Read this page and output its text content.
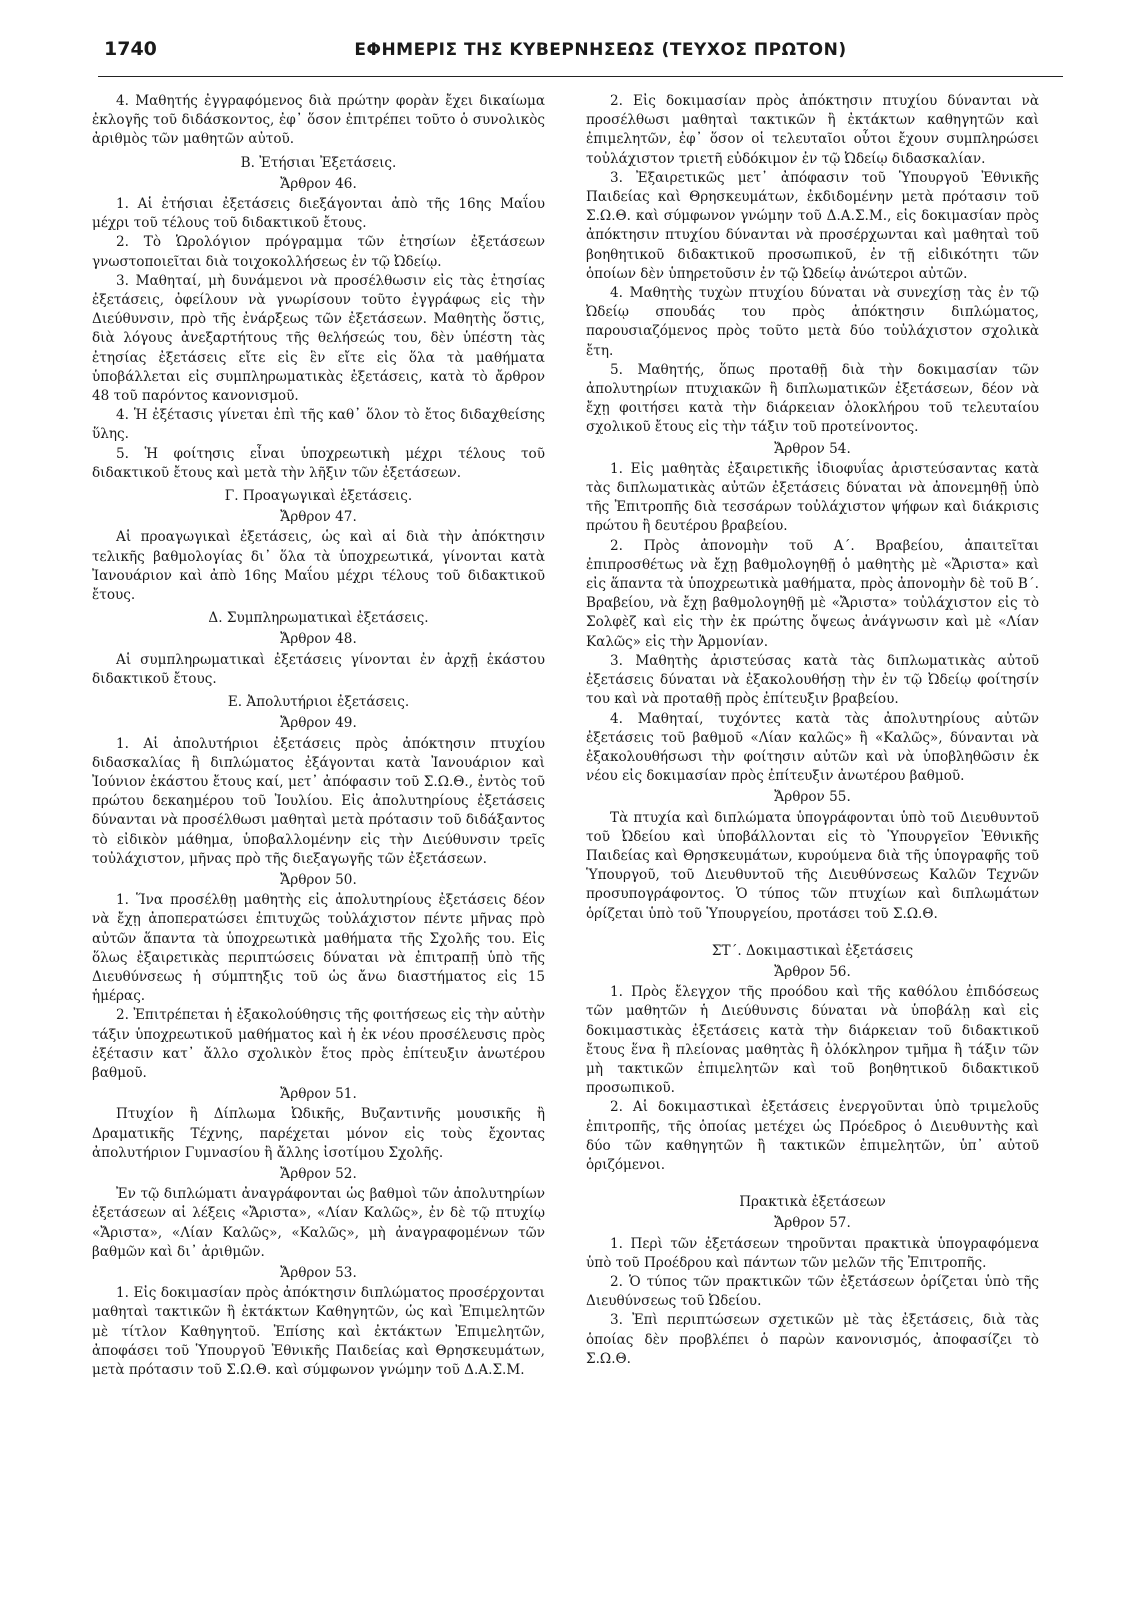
1740	ΕΦΗΜΕΡΙΣ ΤΗΣ ΚΥΒΕΡΝΗΣΕΩΣ (ΤΕΥΧΟΣ ΠΡΩΤΟΝ)

4. Μαθητής ἐγγραφόμενος διὰ πρώτην φορὰν ἔχει δικαίωμα ἐκλογῆς τοῦ διδάσκοντος, ἐφ᾽ ὅσον ἐπιτρέπει τοῦτο ὁ συνολικὸς ἀριθμὸς τῶν μαθητῶν αὐτοῦ.

Β. Ἐτήσιαι Ἐξετάσεις.

Ἄρθρον 46.

1. Αἱ ἐτήσιαι ἐξετάσεις διεξάγονται ἀπὸ τῆς 16ης Μαΐου μέχρι τοῦ τέλους τοῦ διδακτικοῦ ἔτους.

2. Τὸ Ὡρολόγιον πρόγραμμα τῶν ἐτησίων ἐξετάσεων γνωστοποιεῖται διὰ τοιχοκολλήσεως ἐν τῷ Ὠδείῳ.

3. Μαθηταί, μὴ δυνάμενοι νὰ προσέλθωσιν εἰς τὰς ἐτησίας ἐξετάσεις, ὀφείλουν νὰ γνωρίσουν τοῦτο ἐγγράφως εἰς τὴν Διεύθυνσιν, πρὸ τῆς ἐνάρξεως τῶν ἐξετάσεων. Μαθητὴς ὅστις, διὰ λόγους ἀνεξαρτήτους τῆς θελήσεώς του, δὲν ὑπέστη τὰς ἐτησίας ἐξετάσεις εἴτε εἰς ἓν εἴτε εἰς ὅλα τὰ μαθήματα ὑποβάλλεται εἰς συμπληρωματικὰς ἐξετάσεις, κατὰ τὸ ἄρθρον 48 τοῦ παρόντος κανονισμοῦ.

4. Ἡ ἐξέτασις γίνεται ἐπὶ τῆς καθ᾽ ὅλον τὸ ἔτος διδαχθείσης ὕλης.

5. Ἡ φοίτησις εἶναι ὑποχρεωτικὴ μέχρι τέλους τοῦ διδακτικοῦ ἔτους καὶ μετὰ τὴν λῆξιν τῶν ἐξετάσεων.

Γ. Προαγωγικαὶ ἐξετάσεις.

Ἄρθρον 47.

Αἱ προαγωγικαὶ ἐξετάσεις, ὡς καὶ αἱ διὰ τὴν ἀπόκτησιν τελικῆς βαθμολογίας δι᾽ ὅλα τὰ ὑποχρεωτικά, γίνονται κατὰ Ἰανουάριον καὶ ἀπὸ 16ης Μαΐου μέχρι τέλους τοῦ διδακτικοῦ ἔτους.

Δ. Συμπληρωματικαὶ ἐξετάσεις.

Ἄρθρον 48.

Αἱ συμπληρωματικαὶ ἐξετάσεις γίνονται ἐν ἀρχῇ ἑκάστου διδακτικοῦ ἔτους.

Ε. Ἀπολυτήριοι ἐξετάσεις.

Ἄρθρον 49.

1. Αἱ ἀπολυτήριοι ἐξετάσεις πρὸς ἀπόκτησιν πτυχίου διδασκαλίας ἢ διπλώματος ἐξάγονται κατὰ Ἰανουάριον καὶ Ἰούνιον ἑκάστου ἔτους καί, μετ᾽ ἀπόφασιν τοῦ Σ.Ω.Θ., ἐντὸς τοῦ πρώτου δεκαημέρου τοῦ Ἰουλίου. Εἰς ἀπολυτηρίους ἐξετάσεις δύνανται νὰ προσέλθωσι μαθηταὶ μετὰ πρότασιν τοῦ διδάξαντος τὸ εἰδικὸν μάθημα, ὑποβαλλομένην εἰς τὴν Διεύθυνσιν τρεῖς τοὐλάχιστον, μῆνας πρὸ τῆς διεξαγωγῆς τῶν ἐξετάσεων.

Ἄρθρον 50.

1. Ἵνα προσέλθῃ μαθητὴς εἰς ἀπολυτηρίους ἐξετάσεις δέον νὰ ἔχῃ ἀποπερατώσει ἐπιτυχῶς τοὐλάχιστον πέντε μῆνας πρὸ αὐτῶν ἅπαντα τὰ ὑποχρεωτικὰ μαθήματα τῆς Σχολῆς του. Εἰς ὅλως ἐξαιρετικὰς περιπτώσεις δύναται νὰ ἐπιτραπῇ ὑπὸ τῆς Διευθύνσεως ἡ σύμπτηξις τοῦ ὡς ἄνω διαστήματος εἰς 15 ἡμέρας.

2. Ἐπιτρέπεται ἡ ἐξακολούθησις τῆς φοιτήσεως εἰς τὴν αὐτὴν τάξιν ὑποχρεωτικοῦ μαθήματος καὶ ἡ ἐκ νέου προσέλευσις πρὸς ἐξέτασιν κατ᾽ ἄλλο σχολικὸν ἔτος πρὸς ἐπίτευξιν ἀνωτέρου βαθμοῦ.

Ἄρθρον 51.

Πτυχίον ἢ Δίπλωμα Ὠδικῆς, Βυζαντινῆς μουσικῆς ἢ Δραματικῆς Τέχνης, παρέχεται μόνον εἰς τοὺς ἔχοντας ἀπολυτήριον Γυμνασίου ἢ ἄλλης ἰσοτίμου Σχολῆς.

Ἄρθρον 52.

Ἐν τῷ διπλώματι ἀναγράφονται ὡς βαθμοὶ τῶν ἀπολυτηρίων ἐξετάσεων αἱ λέξεις «Ἄριστα», «Λίαν Καλῶς», ἐν δὲ τῷ πτυχίῳ «Ἄριστα», «Λίαν Καλῶς», «Καλῶς», μὴ ἀναγραφομένων τῶν βαθμῶν καὶ δι᾽ ἀριθμῶν.

Ἄρθρον 53.

1. Εἰς δοκιμασίαν πρὸς ἀπόκτησιν διπλώματος προσέρχονται μαθηταὶ τακτικῶν ἢ ἐκτάκτων Καθηγητῶν, ὡς καὶ Ἐπιμελητῶν μὲ τίτλον Καθηγητοῦ. Ἐπίσης καὶ ἐκτάκτων Ἐπιμελητῶν, ἀποφάσει τοῦ Ὑπουργοῦ Ἐθνικῆς Παιδείας καὶ Θρησκευμάτων, μετὰ πρότασιν τοῦ Σ.Ω.Θ. καὶ σύμφωνον γνώμην τοῦ Δ.Α.Σ.Μ.

2. Εἰς δοκιμασίαν πρὸς ἀπόκτησιν πτυχίου δύνανται νὰ προσέλθωσι μαθηταὶ τακτικῶν ἢ ἐκτάκτων καθηγητῶν καὶ ἐπιμελητῶν, ἐφ᾽ ὅσον οἱ τελευταῖοι οὗτοι ἔχουν συμπληρώσει τοὐλάχιστον τριετῆ εὐδόκιμον ἐν τῷ Ὠδείῳ διδασκαλίαν.

3. Ἐξαιρετικῶς μετ᾽ ἀπόφασιν τοῦ Ὑπουργοῦ Ἐθνικῆς Παιδείας καὶ Θρησκευμάτων, ἐκδιδομένην μετὰ πρότασιν τοῦ Σ.Ω.Θ. καὶ σύμφωνον γνώμην τοῦ Δ.Α.Σ.Μ., εἰς δοκιμασίαν πρὸς ἀπόκτησιν πτυχίου δύνανται νὰ προσέρχωνται καὶ μαθηταὶ τοῦ βοηθητικοῦ διδακτικοῦ προσωπικοῦ, ἐν τῇ εἰδικότητι τῶν ὁποίων δὲν ὑπηρετοῦσιν ἐν τῷ Ὠδείῳ ἀνώτεροι αὐτῶν.

4. Μαθητὴς τυχὼν πτυχίου δύναται νὰ συνεχίσῃ τὰς ἐν τῷ Ὠδείῳ σπουδάς του πρὸς ἀπόκτησιν διπλώματος, παρουσιαζόμενος πρὸς τοῦτο μετὰ δύο τοὐλάχιστον σχολικὰ ἔτη.

5. Μαθητής, ὅπως προταθῇ διὰ τὴν δοκιμασίαν τῶν ἀπολυτηρίων πτυχιακῶν ἢ διπλωματικῶν ἐξετάσεων, δέον νὰ ἔχῃ φοιτήσει κατὰ τὴν διάρκειαν ὁλοκλήρου τοῦ τελευταίου σχολικοῦ ἔτους εἰς τὴν τάξιν τοῦ προτείνοντος.

Ἄρθρον 54.

1. Εἰς μαθητὰς ἐξαιρετικῆς ἰδιοφυΐας ἀριστεύσαντας κατὰ τὰς διπλωματικὰς αὐτῶν ἐξετάσεις δύναται νὰ ἀπονεμηθῇ ὑπὸ τῆς Ἐπιτροπῆς διὰ τεσσάρων τοὐλάχιστον ψήφων καὶ διάκρισις πρώτου ἢ δευτέρου βραβείου.

2. Πρὸς ἀπονομὴν τοῦ Α΄. Βραβείου, ἀπαιτεῖται ἐπιπροσθέτως νὰ ἔχῃ βαθμολογηθῇ ὁ μαθητὴς μὲ «Ἄριστα» καὶ εἰς ἅπαντα τὰ ὑποχρεωτικὰ μαθήματα, πρὸς ἀπονομὴν δὲ τοῦ Β΄. Βραβείου, νὰ ἔχῃ βαθμολογηθῇ μὲ «Ἄριστα» τοὐλάχιστον εἰς τὸ Σολφὲζ καὶ εἰς τὴν ἐκ πρώτης ὄψεως ἀνάγνωσιν καὶ μὲ «Λίαν Καλῶς» εἰς τὴν Ἁρμονίαν.

3. Μαθητὴς ἀριστεύσας κατὰ τὰς διπλωματικὰς αὐτοῦ ἐξετάσεις δύναται νὰ ἐξακολουθήσῃ τὴν ἐν τῷ Ὠδείῳ φοίτησίν του καὶ νὰ προταθῇ πρὸς ἐπίτευξιν βραβείου.

4. Μαθηταί, τυχόντες κατὰ τὰς ἀπολυτηρίους αὐτῶν ἐξετάσεις τοῦ βαθμοῦ «Λίαν καλῶς» ἢ «Καλῶς», δύνανται νὰ ἐξακολουθήσωσι τὴν φοίτησιν αὐτῶν καὶ νὰ ὑποβληθῶσιν ἐκ νέου εἰς δοκιμασίαν πρὸς ἐπίτευξιν ἀνωτέρου βαθμοῦ.

Ἄρθρον 55.

Τὰ πτυχία καὶ διπλώματα ὑπογράφονται ὑπὸ τοῦ Διευθυντοῦ τοῦ Ὠδείου καὶ ὑποβάλλονται εἰς τὸ Ὑπουργεῖον Ἐθνικῆς Παιδείας καὶ Θρησκευμάτων, κυρούμενα διὰ τῆς ὑπογραφῆς τοῦ Ὑπουργοῦ, τοῦ Διευθυντοῦ τῆς Διευθύνσεως Καλῶν Τεχνῶν προσυπογράφοντος. Ὁ τύπος τῶν πτυχίων καὶ διπλωμάτων ὁρίζεται ὑπὸ τοῦ Ὑπουργείου, προτάσει τοῦ Σ.Ω.Θ.

ΣΤ΄. Δοκιμαστικαὶ ἐξετάσεις

Ἄρθρον 56.

1. Πρὸς ἔλεγχον τῆς προόδου καὶ τῆς καθόλου ἐπιδόσεως τῶν μαθητῶν ἡ Διεύθυνσις δύναται νὰ ὑποβάλῃ καὶ εἰς δοκιμαστικὰς ἐξετάσεις κατὰ τὴν διάρκειαν τοῦ διδακτικοῦ ἔτους ἕνα ἢ πλείονας μαθητὰς ἢ ὁλόκληρον τμῆμα ἢ τάξιν τῶν μὴ τακτικῶν ἐπιμελητῶν καὶ τοῦ βοηθητικοῦ διδακτικοῦ προσωπικοῦ.

2. Αἱ δοκιμαστικαὶ ἐξετάσεις ἐνεργοῦνται ὑπὸ τριμελοῦς ἐπιτροπῆς, τῆς ὁποίας μετέχει ὡς Πρόεδρος ὁ Διευθυντὴς καὶ δύο τῶν καθηγητῶν ἢ τακτικῶν ἐπιμελητῶν, ὑπ᾽ αὐτοῦ ὁριζόμενοι.

Πρακτικὰ ἐξετάσεων

Ἄρθρον 57.

1. Περὶ τῶν ἐξετάσεων τηροῦνται πρακτικὰ ὑπογραφόμενα ὑπὸ τοῦ Προέδρου καὶ πάντων τῶν μελῶν τῆς Ἐπιτροπῆς.

2. Ὁ τύπος τῶν πρακτικῶν τῶν ἐξετάσεων ὁρίζεται ὑπὸ τῆς Διευθύνσεως τοῦ Ὠδείου.

3. Ἐπὶ περιπτώσεων σχετικῶν μὲ τὰς ἐξετάσεις, διὰ τὰς ὁποίας δὲν προβλέπει ὁ παρὼν κανονισμός, ἀποφασίζει τὸ Σ.Ω.Θ.
